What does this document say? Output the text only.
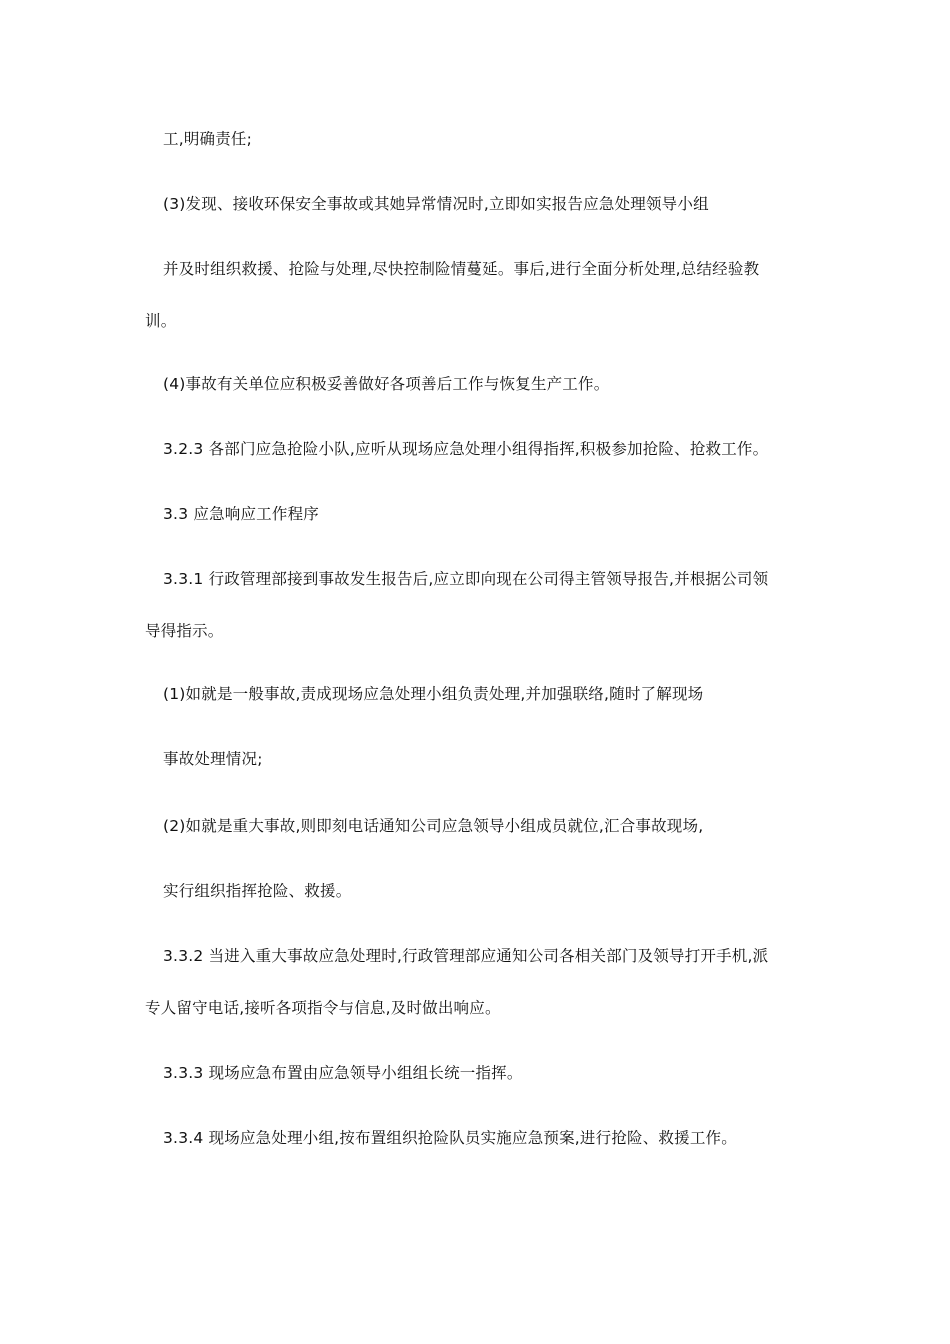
工,明确责任;
(3)发现、接收环保安全事故或其她异常情况时,立即如实报告应急处理领导小组
并及时组织救援、抢险与处理,尽快控制险情蔓延。事后,进行全面分析处理,总结经验教
训。
(4)事故有关单位应积极妥善做好各项善后工作与恢复生产工作。
3.2.3 各部门应急抢险小队,应听从现场应急处理小组得指挥,积极参加抢险、抢救工作。
3.3 应急响应工作程序
3.3.1 行政管理部接到事故发生报告后,应立即向现在公司得主管领导报告,并根据公司领
导得指示。
(1)如就是一般事故,责成现场应急处理小组负责处理,并加强联络,随时了解现场
事故处理情况;
(2)如就是重大事故,则即刻电话通知公司应急领导小组成员就位,汇合事故现场,
实行组织指挥抢险、救援。
3.3.2 当进入重大事故应急处理时,行政管理部应通知公司各相关部门及领导打开手机,派
专人留守电话,接听各项指令与信息,及时做出响应。
3.3.3 现场应急布置由应急领导小组组长统一指挥。
3.3.4 现场应急处理小组,按布置组织抢险队员实施应急预案,进行抢险、救援工作。
